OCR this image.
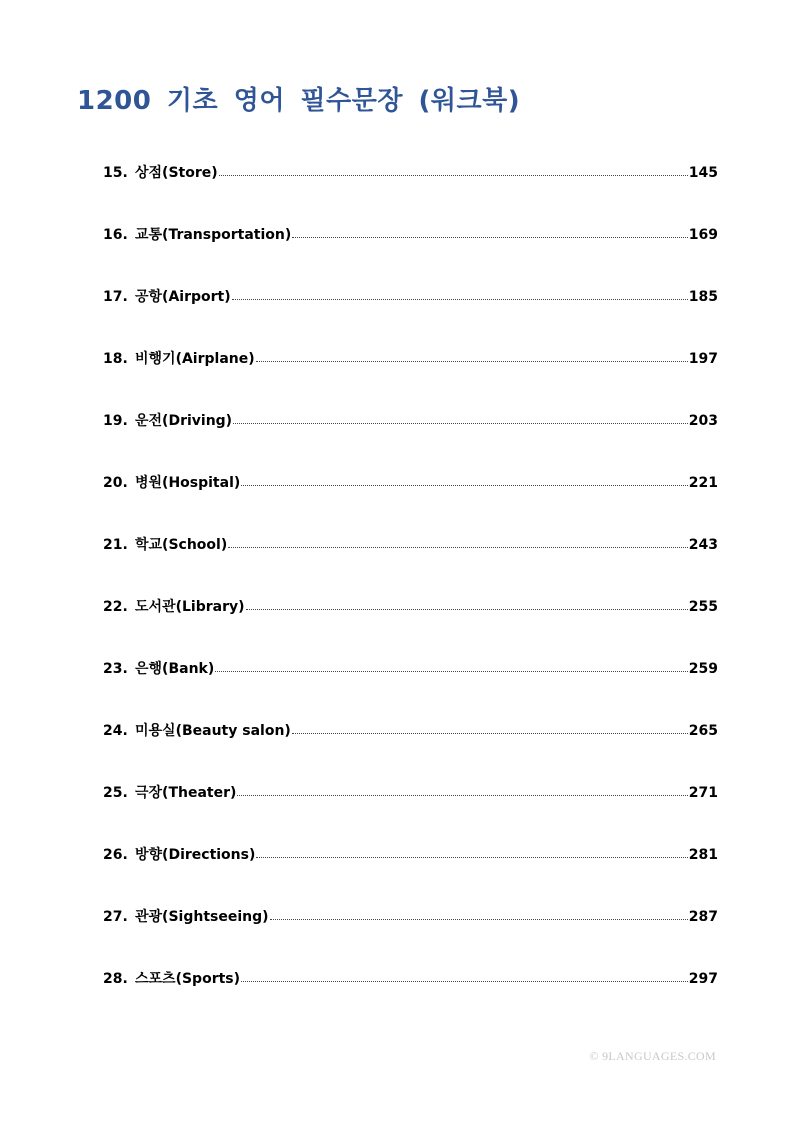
1200 기초 영어 필수문장 (워크북)
15. 상점(Store)	145
16. 교통(Transportation)	169
17. 공항(Airport)	185
18. 비행기(Airplane)	197
19. 운전(Driving)	203
20. 병원(Hospital)	221
21. 학교(School)	243
22. 도서관(Library)	255
23. 은행(Bank)	259
24. 미용실(Beauty salon)	265
25. 극장(Theater)	271
26. 방향(Directions)	281
27. 관광(Sightseeing)	287
28. 스포츠(Sports)	297
© 9LANGUAGES.COM
